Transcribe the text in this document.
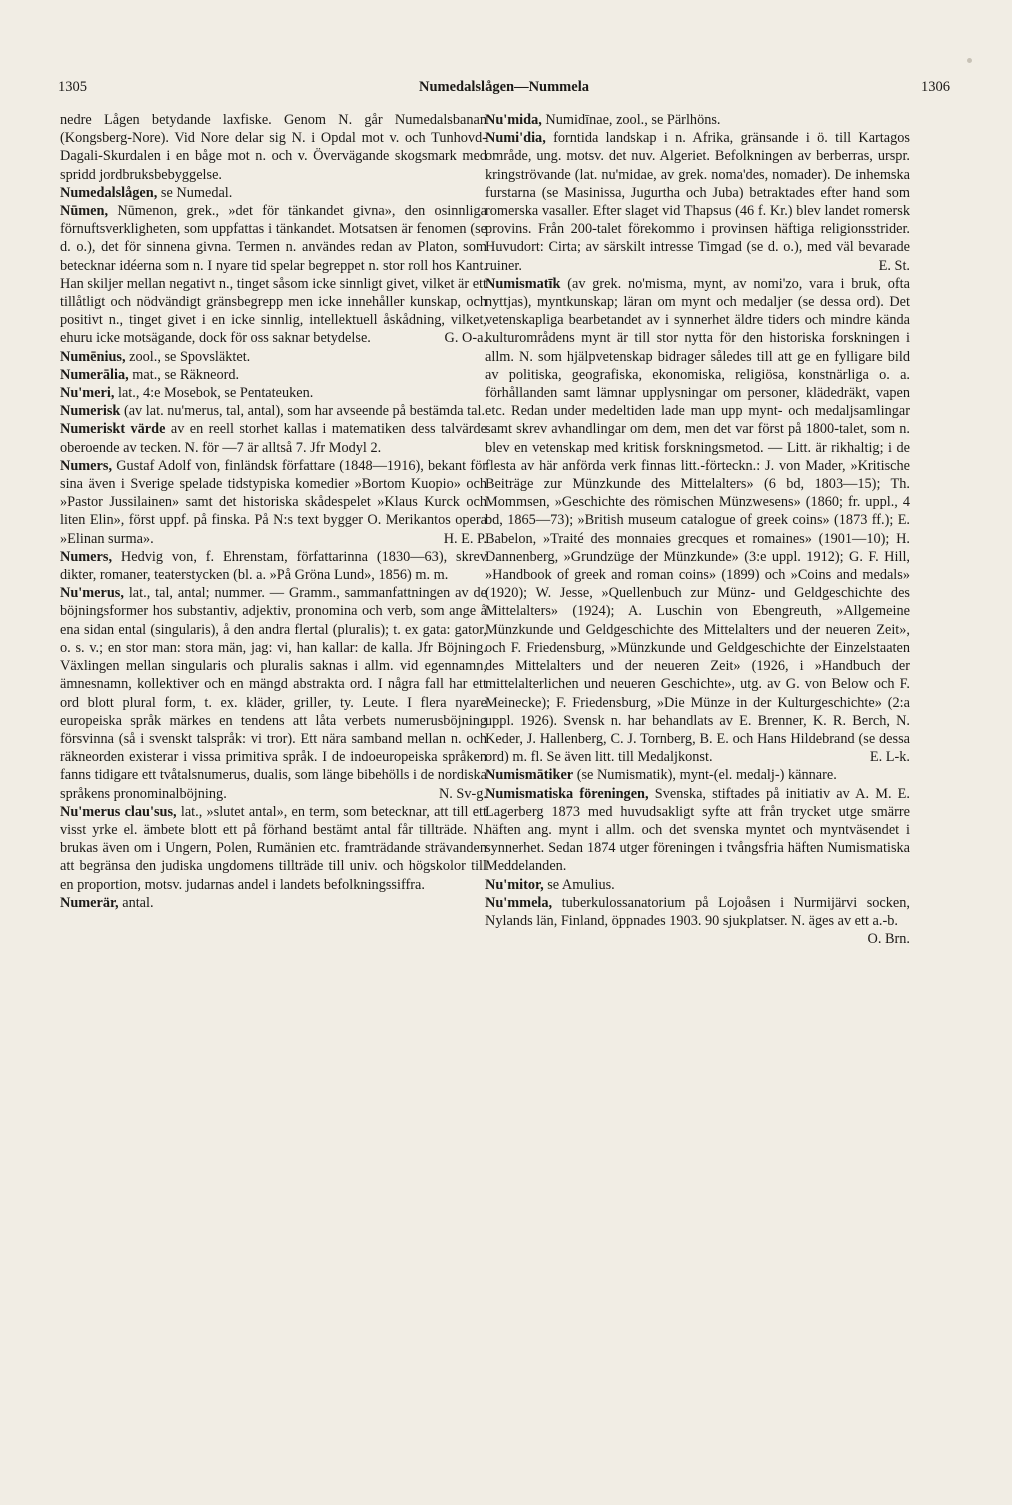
1305	Numedalslågen—Nummela	1306

nedre Lågen betydande laxfiske. Genom N. går Numedalsbanan (Kongsberg-Nore). Vid Nore delar sig N. i Opdal mot v. och Tunhovd-Dagali-Skurdalen i en båge mot n. och v. Övervägande skogsmark med spridd jordbruksbebyggelse.

Numedalslågen, se Numedal.

Nūmen, Nūmenon, grek., »det för tänkandet givna», den osinnliga förnuftsverkligheten, som uppfattas i tänkandet. Motsatsen är fenomen (se d. o.), det för sinnena givna. Termen n. användes redan av Platon, som betecknar idéerna som n. I nyare tid spelar begreppet n. stor roll hos Kant. Han skiljer mellan negativt n., tinget såsom icke sinnligt givet, vilket är ett tillåtligt och nödvändigt gränsbegrepp men icke innehåller kunskap, och positivt n., tinget givet i en icke sinnlig, intellektuell åskådning, vilket, ehuru icke motsägande, dock för oss saknar betydelse.	G. O-a.

Numēnius, zool., se Spovsläktet.

Numerālia, mat., se Räkneord.

Nu'meri, lat., 4:e Mosebok, se Pentateuken.

Numerisk (av lat. nu'merus, tal, antal), som har avseende på bestämda tal.

Numeriskt värde av en reell storhet kallas i matematiken dess talvärde oberoende av tecken. N. för —7 är alltså 7. Jfr Modyl 2.

Numers, Gustaf Adolf von, finländsk författare (1848—1916), bekant för sina även i Sverige spelade tidstypiska komedier »Bortom Kuopio» och »Pastor Jussilainen» samt det historiska skådespelet »Klaus Kurck och liten Elin», först uppf. på finska. På N:s text bygger O. Merikantos opera »Elinan surma».	H. E. P.

Numers, Hedvig von, f. Ehrenstam, författarinna (1830—63), skrev dikter, romaner, teaterstycken (bl. a. »På Gröna Lund», 1856) m. m.

Nu'merus, lat., tal, antal; nummer. — Gramm., sammanfattningen av de böjningsformer hos substantiv, adjektiv, pronomina och verb, som ange å ena sidan ental (singularis), å den andra flertal (pluralis); t. ex gata: gator, o. s. v.; en stor man: stora män, jag: vi, han kallar: de kalla. Jfr Böjning. Växlingen mellan singularis och pluralis saknas i allm. vid egennamn, ämnesnamn, kollektiver och en mängd abstrakta ord. I några fall har ett ord blott plural form, t. ex. kläder, griller, ty. Leute. I flera nyare europeiska språk märkes en tendens att låta verbets numerusböjning försvinna (så i svenskt talspråk: vi tror). Ett nära samband mellan n. och räkneorden existerar i vissa primitiva språk. I de indoeuropeiska språken fanns tidigare ett tvåtalsnumerus, dualis, som länge bibehölls i de nordiska språkens pronominalböjning.	N. Sv-g.

Nu'merus clau'sus, lat., »slutet antal», en term, som betecknar, att till ett visst yrke el. ämbete blott ett på förhand bestämt antal får tillträde. N. brukas även om i Ungern, Polen, Rumänien etc. framträdande strävanden att begränsa den judiska ungdomens tillträde till univ. och högskolor till en proportion, motsv. judarnas andel i landets befolkningssiffra.

Numerär, antal.

Nu'mida, Numidīnae, zool., se Pärlhöns.

Numi'dia, forntida landskap i n. Afrika, gränsande i ö. till Kartagos område, ung. motsv. det nuv. Algeriet. Befolkningen av berberras, urspr. kringströvande (lat. nu'midae, av grek. noma'des, nomader). De inhemska furstarna (se Masinissa, Jugurtha och Juba) betraktades efter hand som romerska vasaller. Efter slaget vid Thapsus (46 f. Kr.) blev landet romersk provins. Från 200-talet förekommo i provinsen häftiga religionsstrider. Huvudort: Cirta; av särskilt intresse Timgad (se d. o.), med väl bevarade ruiner.	E. St.

Numismatīk (av grek. no'misma, mynt, av nomi'zo, vara i bruk, ofta nyttjas), myntkunskap; läran om mynt och medaljer (se dessa ord). Det vetenskapliga bearbetandet av i synnerhet äldre tiders och mindre kända kulturområdens mynt är till stor nytta för den historiska forskningen i allm. N. som hjälpvetenskap bidrager således till att ge en fylligare bild av politiska, geografiska, ekonomiska, religiösa, konstnärliga o. a. förhållanden samt lämnar upplysningar om personer, klädedräkt, vapen etc. Redan under medeltiden lade man upp mynt- och medaljsamlingar samt skrev avhandlingar om dem, men det var först på 1800-talet, som n. blev en vetenskap med kritisk forskningsmetod. — Litt. är rikhaltig; i de flesta av här anförda verk finnas litt.-förteckn.: J. von Mader, »Kritische Beiträge zur Münzkunde des Mittelalters» (6 bd, 1803—15); Th. Mommsen, »Geschichte des römischen Münzwesens» (1860; fr. uppl., 4 bd, 1865—73); »British museum catalogue of greek coins» (1873 ff.); E. Babelon, »Traité des monnaies grecques et romaines» (1901—10); H. Dannenberg, »Grundzüge der Münzkunde» (3:e uppl. 1912); G. F. Hill, »Handbook of greek and roman coins» (1899) och »Coins and medals» (1920); W. Jesse, »Quellenbuch zur Münz- und Geldgeschichte des Mittelalters» (1924); A. Luschin von Ebengreuth, »Allgemeine Münzkunde und Geldgeschichte des Mittelalters und der neueren Zeit», och F. Friedensburg, »Münzkunde und Geldgeschichte der Einzelstaaten des Mittelalters und der neueren Zeit» (1926, i »Handbuch der mittelalterlichen und neueren Geschichte», utg. av G. von Below och F. Meinecke); F. Friedensburg, »Die Münze in der Kulturgeschichte» (2:a uppl. 1926). Svensk n. har behandlats av E. Brenner, K. R. Berch, N. Keder, J. Hallenberg, C. J. Tornberg, B. E. och Hans Hildebrand (se dessa ord) m. fl. Se även litt. till Medaljkonst.	E. L-k.

Numismātiker (se Numismatik), mynt-(el. medalj-) kännare.

Numismatiska föreningen, Svenska, stiftades på initiativ av A. M. E. Lagerberg 1873 med huvudsakligt syfte att från trycket utge smärre häften ang. mynt i allm. och det svenska myntet och myntväsendet i synnerhet. Sedan 1874 utger föreningen i tvångsfria häften Numismatiska Meddelanden.

Nu'mitor, se Amulius.

Nu'mmela, tuberkulossanatorium på Lojoåsen i Nurmijärvi socken, Nylands län, Finland, öppnades 1903. 90 sjukplatser. N. äges av ett a.-b.
O. Brn.
